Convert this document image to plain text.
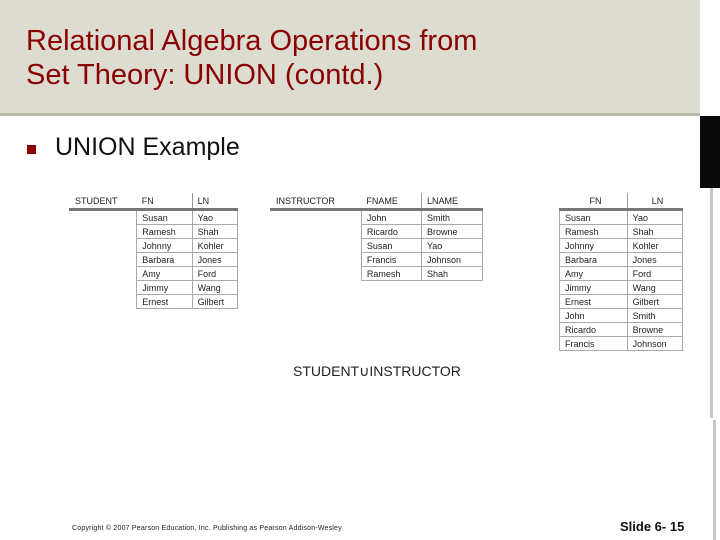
Relational Algebra Operations from
Set Theory: UNION (contd.)
UNION Example
STUDENT	FN	LN
	Susan	Yao
	Ramesh	Shah
	Johnny	Kohler
	Barbara	Jones
	Amy	Ford
	Jimmy	Wang
	Ernest	Gilbert
INSTRUCTOR	FNAME	LNAME
	John	Smith
	Ricardo	Browne
	Susan	Yao
	Francis	Johnson
	Ramesh	Shah
FN	LN
Susan	Yao
Ramesh	Shah
Johnny	Kohler
Barbara	Jones
Amy	Ford
Jimmy	Wang
Ernest	Gilbert
John	Smith
Ricardo	Browne
Francis	Johnson
STUDENT∪INSTRUCTOR
Copyright © 2007 Pearson Education, Inc. Publishing as Pearson Addison-Wesley	Slide 6- 15
